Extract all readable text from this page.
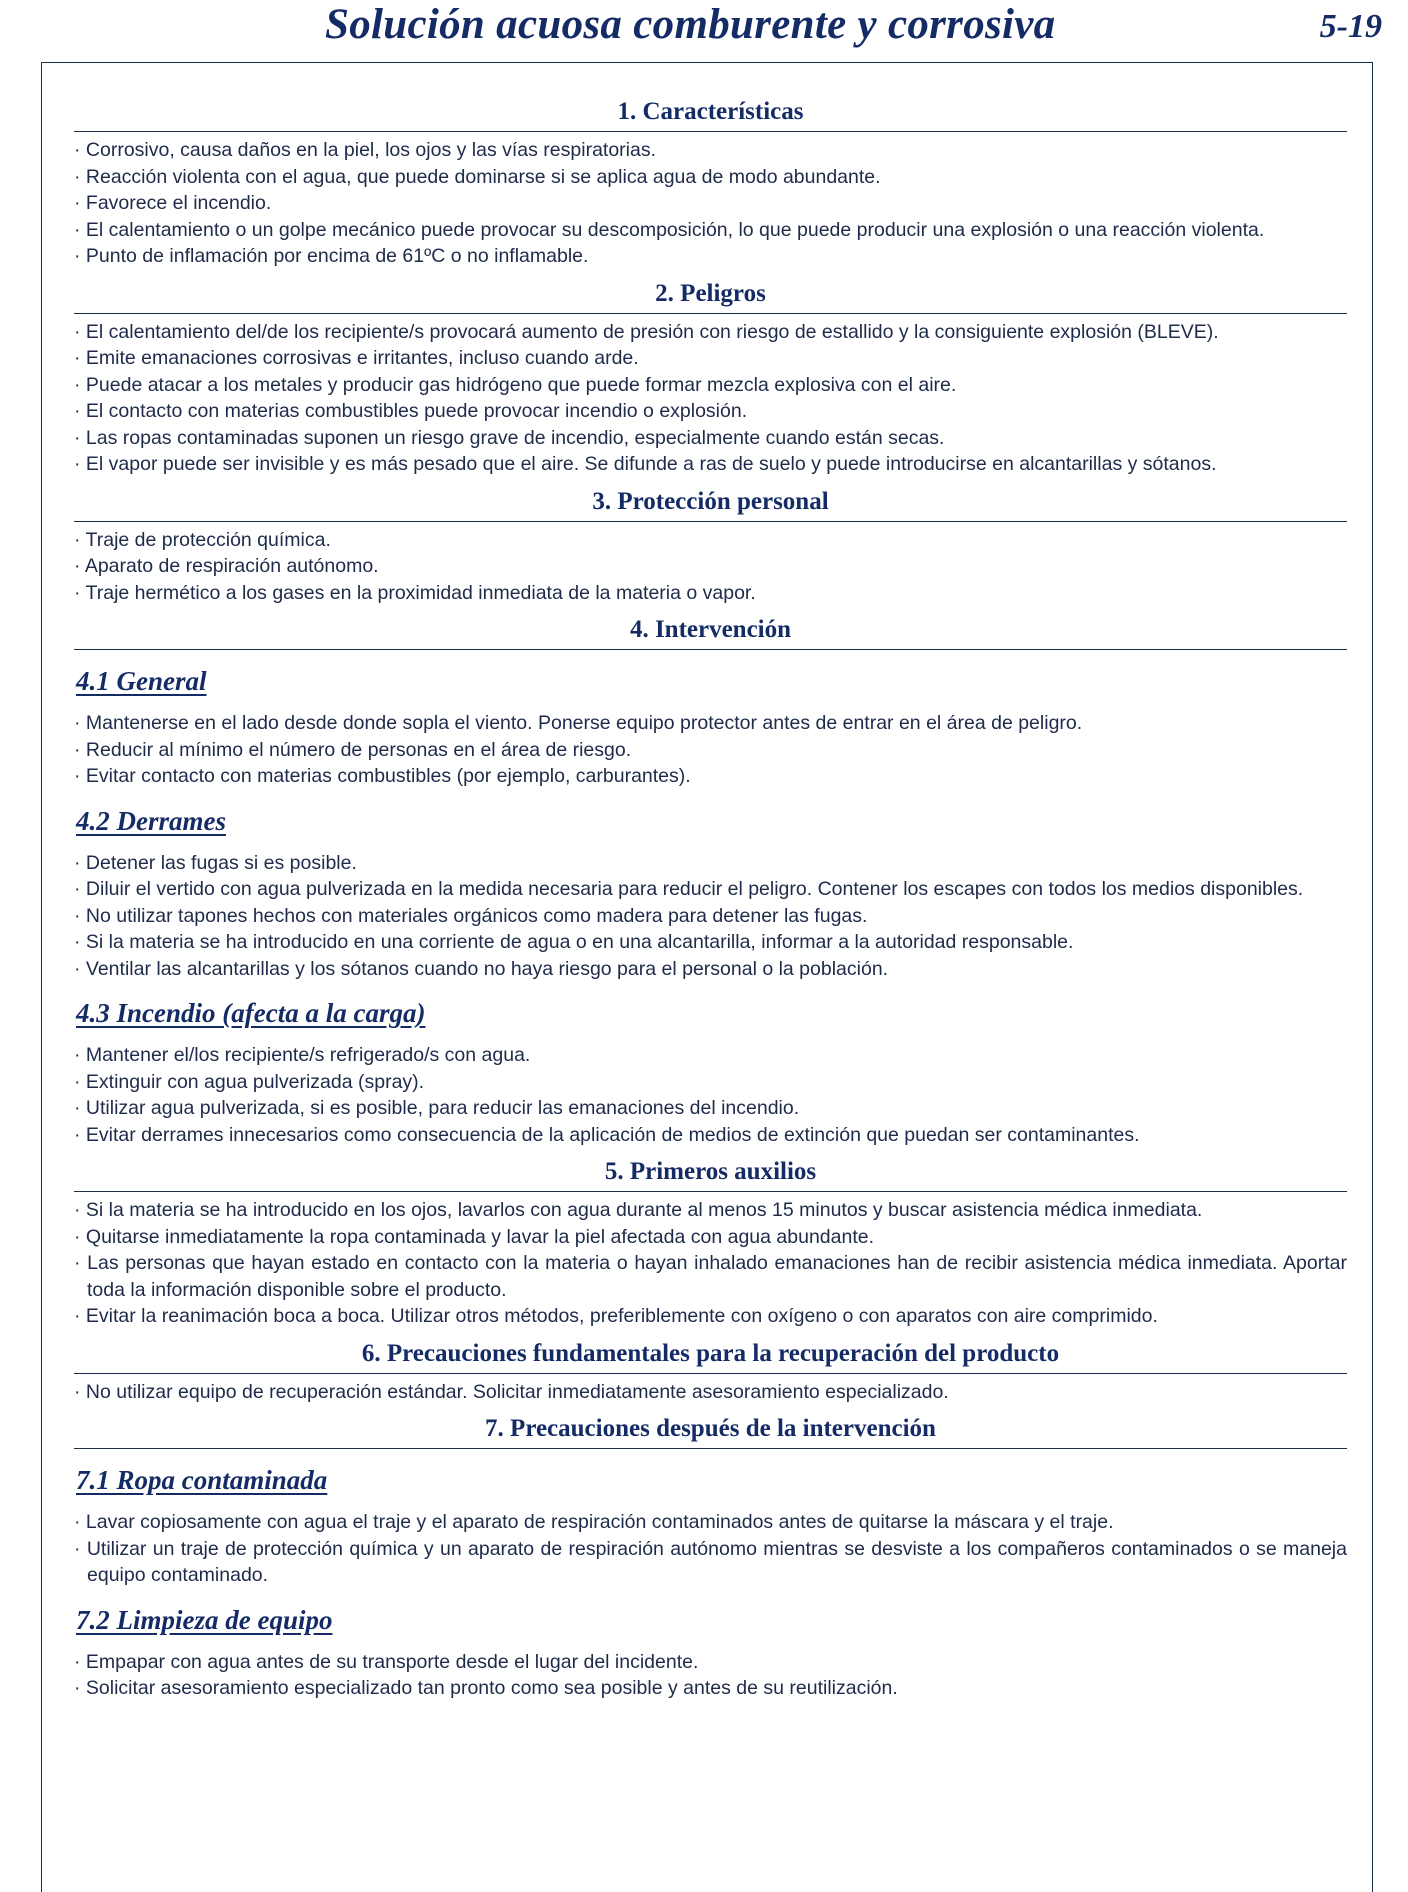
Solución acuosa comburente y corrosiva	5-19
1. Características
· Corrosivo, causa daños en la piel, los ojos y las vías respiratorias.
· Reacción violenta con el agua, que puede dominarse si se aplica agua de modo abundante.
· Favorece el incendio.
· El calentamiento o un golpe mecánico puede provocar su descomposición, lo que puede producir una explosión o una reacción violenta.
· Punto de inflamación por encima de 61ºC o no inflamable.
2. Peligros
· El calentamiento del/de los recipiente/s provocará aumento de presión con riesgo de estallido y la consiguiente explosión (BLEVE).
· Emite emanaciones corrosivas e irritantes, incluso cuando arde.
· Puede atacar a los metales y producir gas hidrógeno que puede formar mezcla explosiva con el aire.
· El contacto con materias combustibles puede provocar incendio o explosión.
· Las ropas contaminadas suponen un riesgo grave de incendio, especialmente cuando están secas.
· El vapor puede ser invisible y es más pesado que el aire. Se difunde a ras de suelo y puede introducirse en alcantarillas y sótanos.
3. Protección personal
· Traje de protección química.
· Aparato de respiración autónomo.
· Traje hermético a los gases en la proximidad inmediata de la materia o vapor.
4. Intervención
4.1 General
· Mantenerse en el lado desde donde sopla el viento. Ponerse equipo protector antes de entrar en el área de peligro.
· Reducir al mínimo el número de personas en el área de riesgo.
· Evitar contacto con materias combustibles (por ejemplo, carburantes).
4.2 Derrames
· Detener las fugas si es posible.
· Diluir el vertido con agua pulverizada en la medida necesaria para reducir el peligro. Contener los escapes con todos los medios disponibles.
· No utilizar tapones hechos con materiales orgánicos como madera para detener las fugas.
· Si la materia se ha introducido en una corriente de agua o en una alcantarilla, informar a la autoridad responsable.
· Ventilar las alcantarillas y los sótanos cuando no haya riesgo para el personal o la población.
4.3 Incendio (afecta a la carga)
· Mantener el/los recipiente/s refrigerado/s con agua.
· Extinguir con agua pulverizada (spray).
· Utilizar agua pulverizada, si es posible, para reducir las emanaciones del incendio.
· Evitar derrames innecesarios como consecuencia de la aplicación de medios de extinción que puedan ser contaminantes.
5. Primeros auxilios
· Si la materia se ha introducido en los ojos, lavarlos con agua durante al menos 15 minutos y buscar asistencia médica inmediata.
· Quitarse inmediatamente la ropa contaminada y lavar la piel afectada con agua abundante.
· Las personas que hayan estado en contacto con la materia o hayan inhalado emanaciones han de recibir asistencia médica inmediata. Aportar toda la información disponible sobre el producto.
· Evitar la reanimación boca a boca. Utilizar otros métodos, preferiblemente con oxígeno o con aparatos con aire comprimido.
6. Precauciones fundamentales para la recuperación del producto
· No utilizar equipo de recuperación estándar. Solicitar inmediatamente asesoramiento especializado.
7. Precauciones después de la intervención
7.1 Ropa contaminada
· Lavar copiosamente con agua el traje y el aparato de respiración contaminados antes de quitarse la máscara y el traje.
· Utilizar un traje de protección química y un aparato de respiración autónomo mientras se desviste a los compañeros contaminados o se maneja equipo contaminado.
7.2 Limpieza de equipo
· Empapar con agua antes de su transporte desde el lugar del incidente.
· Solicitar asesoramiento especializado tan pronto como sea posible y antes de su reutilización.
